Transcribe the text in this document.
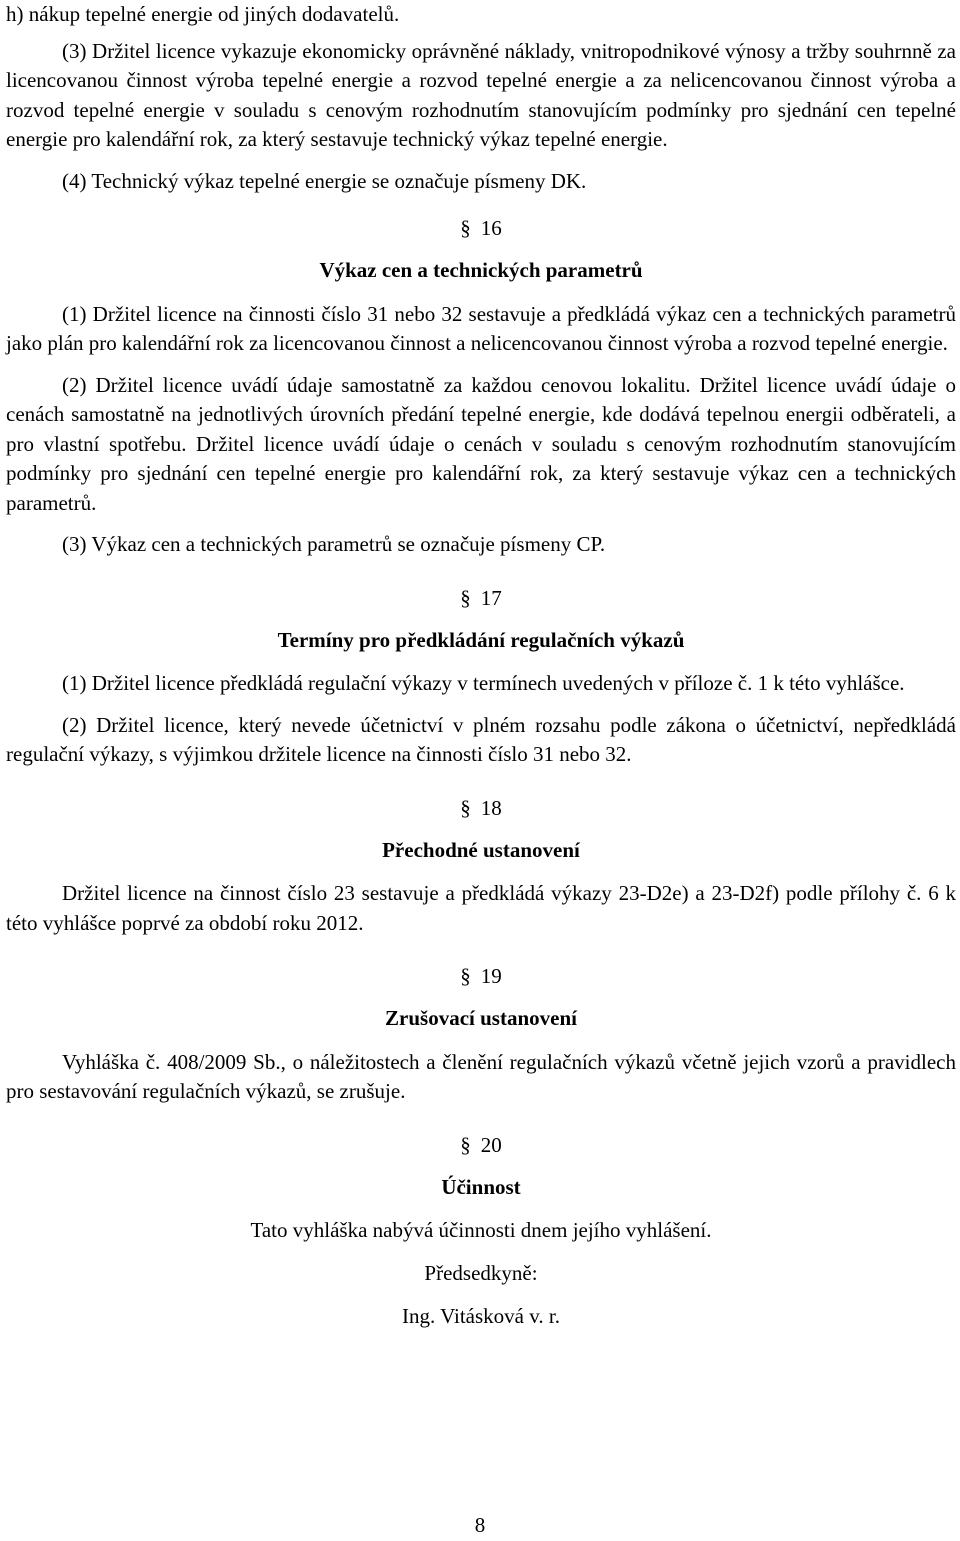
h) nákup tepelné energie od jiných dodavatelů.

(3) Držitel licence vykazuje ekonomicky oprávněné náklady, vnitropodnikové výnosy a tržby souhrnně za licencovanou činnost výroba tepelné energie a rozvod tepelné energie a za nelicencovanou činnost výroba a rozvod tepelné energie v souladu s cenovým rozhodnutím stanovujícím podmínky pro sjednání cen tepelné energie pro kalendářní rok, za který sestavuje technický výkaz tepelné energie.

(4) Technický výkaz tepelné energie se označuje písmeny DK.

§ 16
Výkaz cen a technických parametrů

(1) Držitel licence na činnosti číslo 31 nebo 32 sestavuje a předkládá výkaz cen a technických parametrů jako plán pro kalendářní rok za licencovanou činnost a nelicencovanou činnost výroba a rozvod tepelné energie.

(2) Držitel licence uvádí údaje samostatně za každou cenovou lokalitu. Držitel licence uvádí údaje o cenách samostatně na jednotlivých úrovních předání tepelné energie, kde dodává tepelnou energii odběrateli, a pro vlastní spotřebu. Držitel licence uvádí údaje o cenách v souladu s cenovým rozhodnutím stanovujícím podmínky pro sjednání cen tepelné energie pro kalendářní rok, za který sestavuje výkaz cen a technických parametrů.

(3) Výkaz cen a technických parametrů se označuje písmeny CP.

§ 17
Termíny pro předkládání regulačních výkazů

(1) Držitel licence předkládá regulační výkazy v termínech uvedených v příloze č. 1 k této vyhlášce.

(2) Držitel licence, který nevede účetnictví v plném rozsahu podle zákona o účetnictví, nepředkládá regulační výkazy, s výjimkou držitele licence na činnosti číslo 31 nebo 32.

§ 18
Přechodné ustanovení

Držitel licence na činnost číslo 23 sestavuje a předkládá výkazy 23-D2e) a 23-D2f) podle přílohy č. 6 k této vyhlášce poprvé za období roku 2012.

§ 19
Zrušovací ustanovení

Vyhláška č. 408/2009 Sb., o náležitostech a členění regulačních výkazů včetně jejich vzorů a pravidlech pro sestavování regulačních výkazů, se zrušuje.

§ 20
Účinnost

Tato vyhláška nabývá účinnosti dnem jejího vyhlášení.

Předsedkyně:

Ing. Vitásková v. r.

8
